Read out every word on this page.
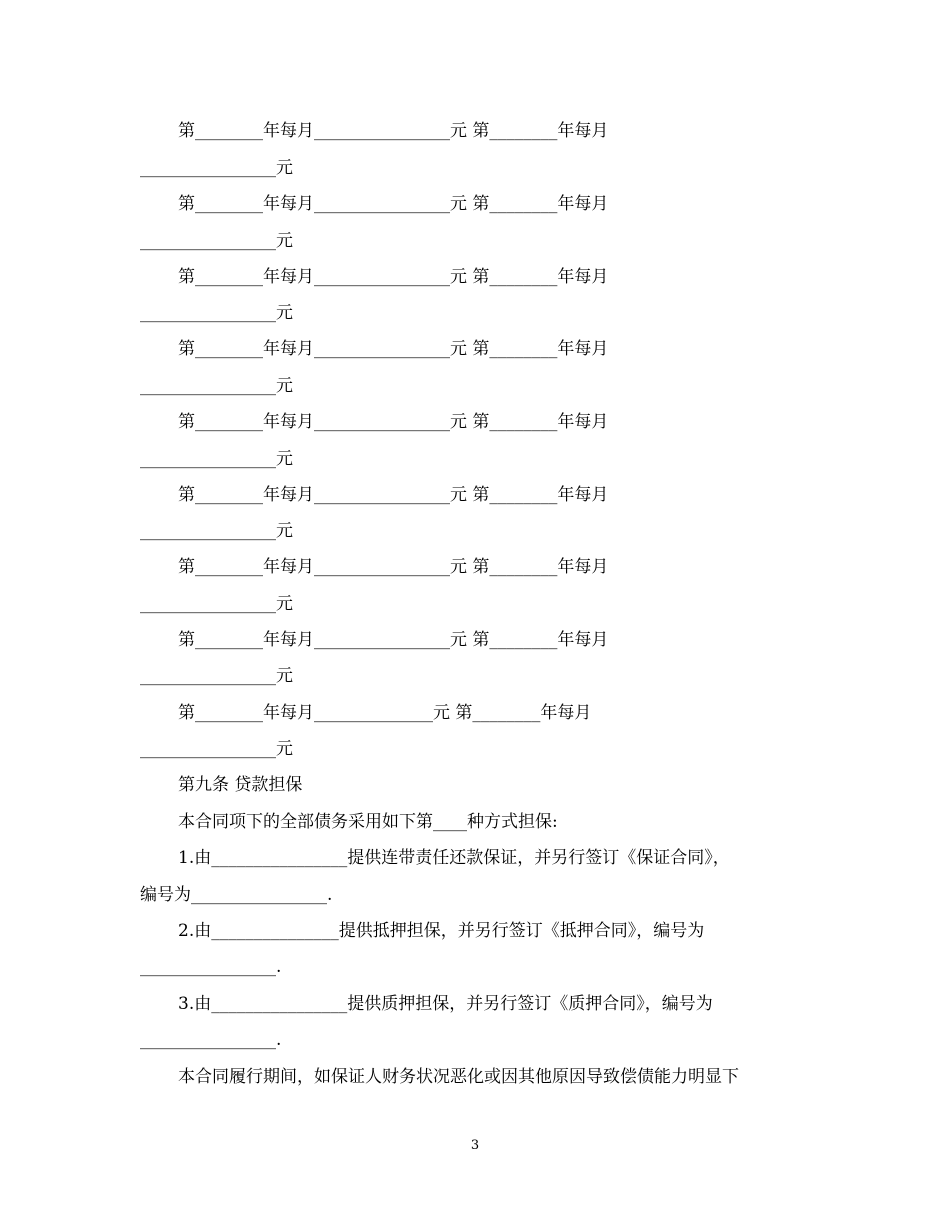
第________年每月________________元 第________年每月
________________元
第________年每月________________元 第________年每月
________________元
第________年每月________________元 第________年每月
________________元
第________年每月________________元 第________年每月
________________元
第________年每月________________元 第________年每月
________________元
第________年每月________________元 第________年每月
________________元
第________年每月________________元 第________年每月
________________元
第________年每月________________元 第________年每月
________________元
第________年每月______________元 第________年每月
________________元
第九条 贷款担保
本合同项下的全部债务采用如下第____种方式担保:
1.由________________提供连带责任还款保证，并另行签订《保证合同》，
编号为________________.
2.由_______________提供抵押担保，并另行签订《抵押合同》，编号为
________________.
3.由________________提供质押担保，并另行签订《质押合同》，编号为
________________.
本合同履行期间，如保证人财务状况恶化或因其他原因导致偿债能力明显下
3
